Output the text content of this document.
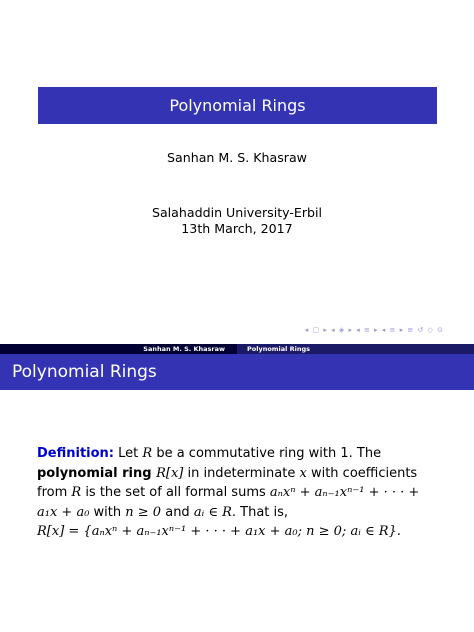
Polynomial Rings
Sanhan M. S. Khasraw
Salahaddin University-Erbil
13th March, 2017
◂ ▢ ▸ ◂ ◈ ▸ ◂ ≡ ▸ ◂ ≡ ▸ ≡ ↺ ◇ ⊙
Sanhan M. S. Khasraw	Polynomial Rings
Polynomial Rings
Definition: Let R be a commutative ring with 1. The polynomial ring R[x] in indeterminate x with coefficients from R is the set of all formal sums aₙxⁿ + aₙ₋₁xⁿ⁻¹ + · · · + a₁x + a₀ with n ≥ 0 and aᵢ ∈ R. That is,
R[x] = {aₙxⁿ + aₙ₋₁xⁿ⁻¹ + · · · + a₁x + a₀; n ≥ 0; aᵢ ∈ R}.
